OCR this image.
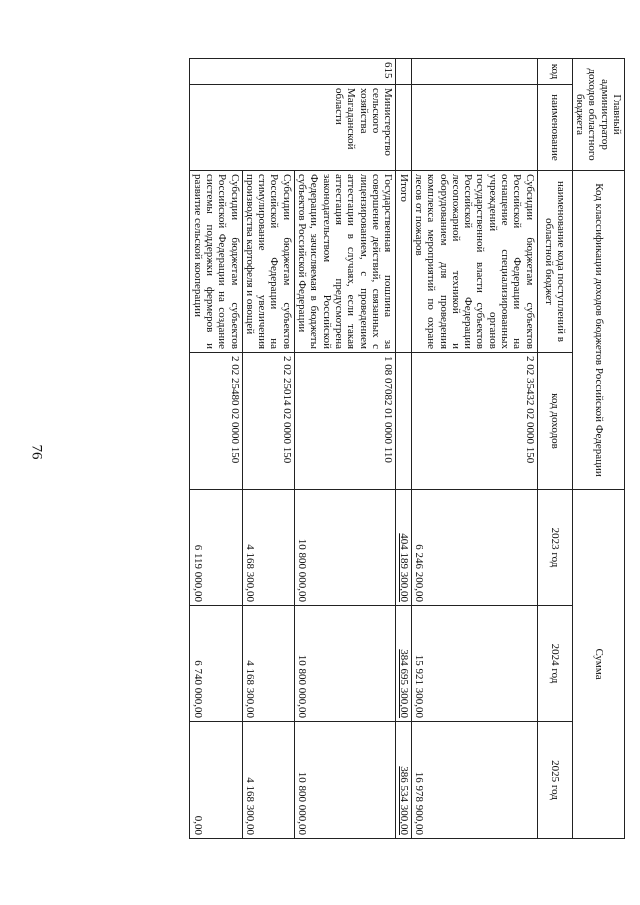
76
Главный администратор доходов областного бюджета		Код классификации доходов бюджетов Российской Федерации		Сумма		
код	наименование	наименование кода поступлений в областной бюджет	код доходов	2023 год	2024 год	2025 год
		Субсидии бюджетам субъектов Российской Федерации на оснащение специализированных учреждений органов государственной власти субъектов Российской Федерации лесопожарной техникой и оборудованием для проведения комплекса мероприятий по охране лесов от пожаров	2 02 35432 02 0000 150	6 246 200,00	15 921 300,00	16 978 900,00
		Итого		404 189 300,00	384 695 300,00	386 534 300,00
615	Министерство сельского хозяйства Магаданской области	Государственная пошлина за совершение действий, связанных с лицензированием, с проведением аттестации в случаях, если такая аттестация предусмотрена законодательством Российской Федерации, зачисляемая в бюджеты субъектов Российской Федерации	1 08 07082 01 0000 110	10 800 000,00	10 800 000,00	10 800 000,00
		Субсидии бюджетам субъектов Российской Федерации на стимулирование увеличения производства картофеля и овощей	2 02 25014 02 0000 150	4 168 300,00	4 168 300,00	4 168 300,00
		Субсидии бюджетам субъектов Российской Федерации на создание системы поддержки фермеров и развитие сельской кооперации	2 02 25480 02 0000 150	6 119 000,00	6 740 000,00	0,00
